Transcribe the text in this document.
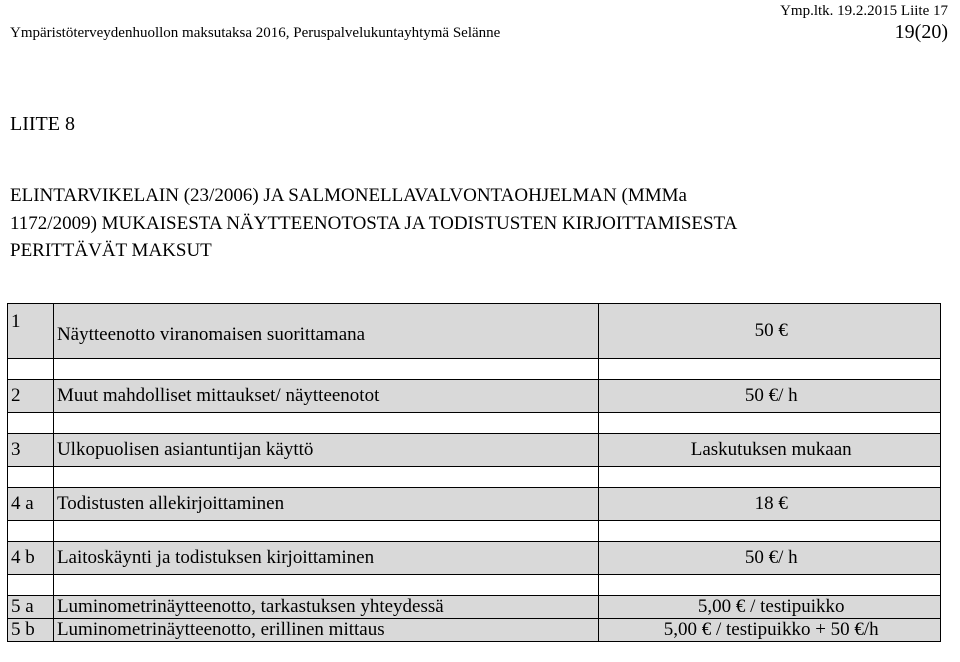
Ymp.ltk. 19.2.2015 Liite 17
Ympäristöterveydenhuollon maksutaksa 2016, Peruspalvelukuntayhtymä Selänne	19(20)
LIITE 8
ELINTARVIKELAIN (23/2006) JA SALMONELLAVALVONTAOHJELMAN (MMMa
1172/2009) MUKAISESTA NÄYTTEENOTOSTA JA TODISTUSTEN KIRJOITTAMISESTA
PERITTÄVÄT MAKSUT
1	Näytteenotto viranomaisen suorittamana	50 €

2	Muut mahdolliset mittaukset/ näytteenotot	50 €/ h

3	Ulkopuolisen asiantuntijan käyttö	Laskutuksen mukaan

4 a	Todistusten allekirjoittaminen	18 €

4 b	Laitoskäynti ja todistuksen kirjoittaminen	50 €/ h

5 a	Luminometrinäytteenotto, tarkastuksen yhteydessä	5,00 € / testipuikko
5 b	Luminometrinäytteenotto, erillinen mittaus	5,00 € / testipuikko + 50 €/h
